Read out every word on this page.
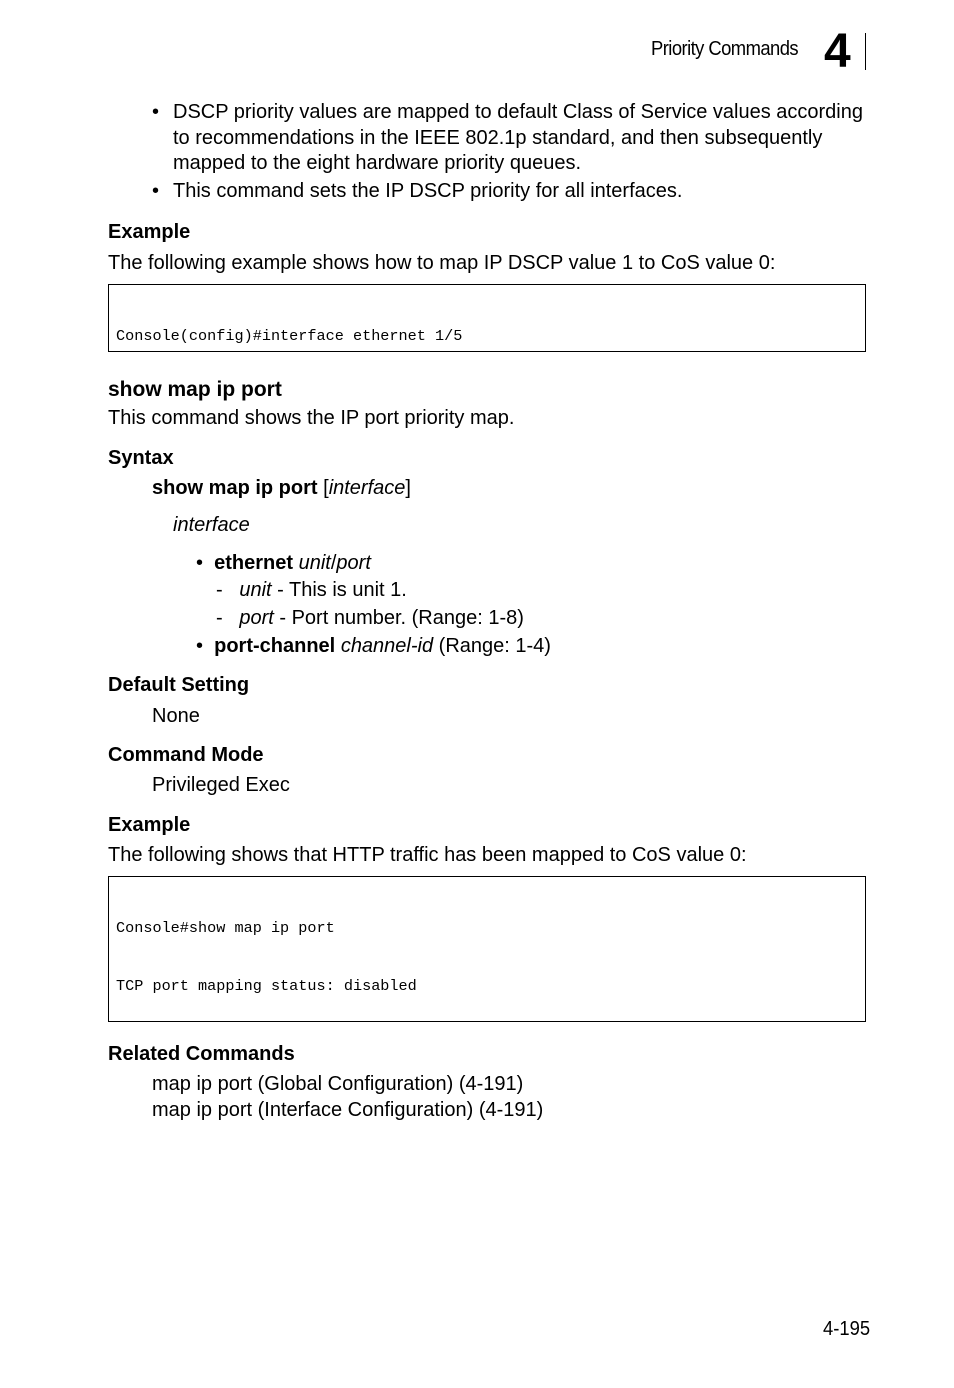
Priority Commands 4
• DSCP priority values are mapped to default Class of Service values according to recommendations in the IEEE 802.1p standard, and then subsequently mapped to the eight hardware priority queues.
• This command sets the IP DSCP priority for all interfaces.
Example
The following example shows how to map IP DSCP value 1 to CoS value 0:

Console(config)#interface ethernet 1/5

show map ip port
This command shows the IP port priority map.
Syntax
show map ip port [interface]
interface
•  ethernet unit/port
-   unit - This is unit 1.
-   port - Port number. (Range: 1-8)
•  port-channel channel-id (Range: 1-4)
Default Setting
None
Command Mode
Privileged Exec
Example
The following shows that HTTP traffic has been mapped to CoS value 0:

Console#show map ip port

TCP port mapping status: disabled

Related Commands
map ip port (Global Configuration) (4-191)
map ip port (Interface Configuration) (4-191)
4-195
